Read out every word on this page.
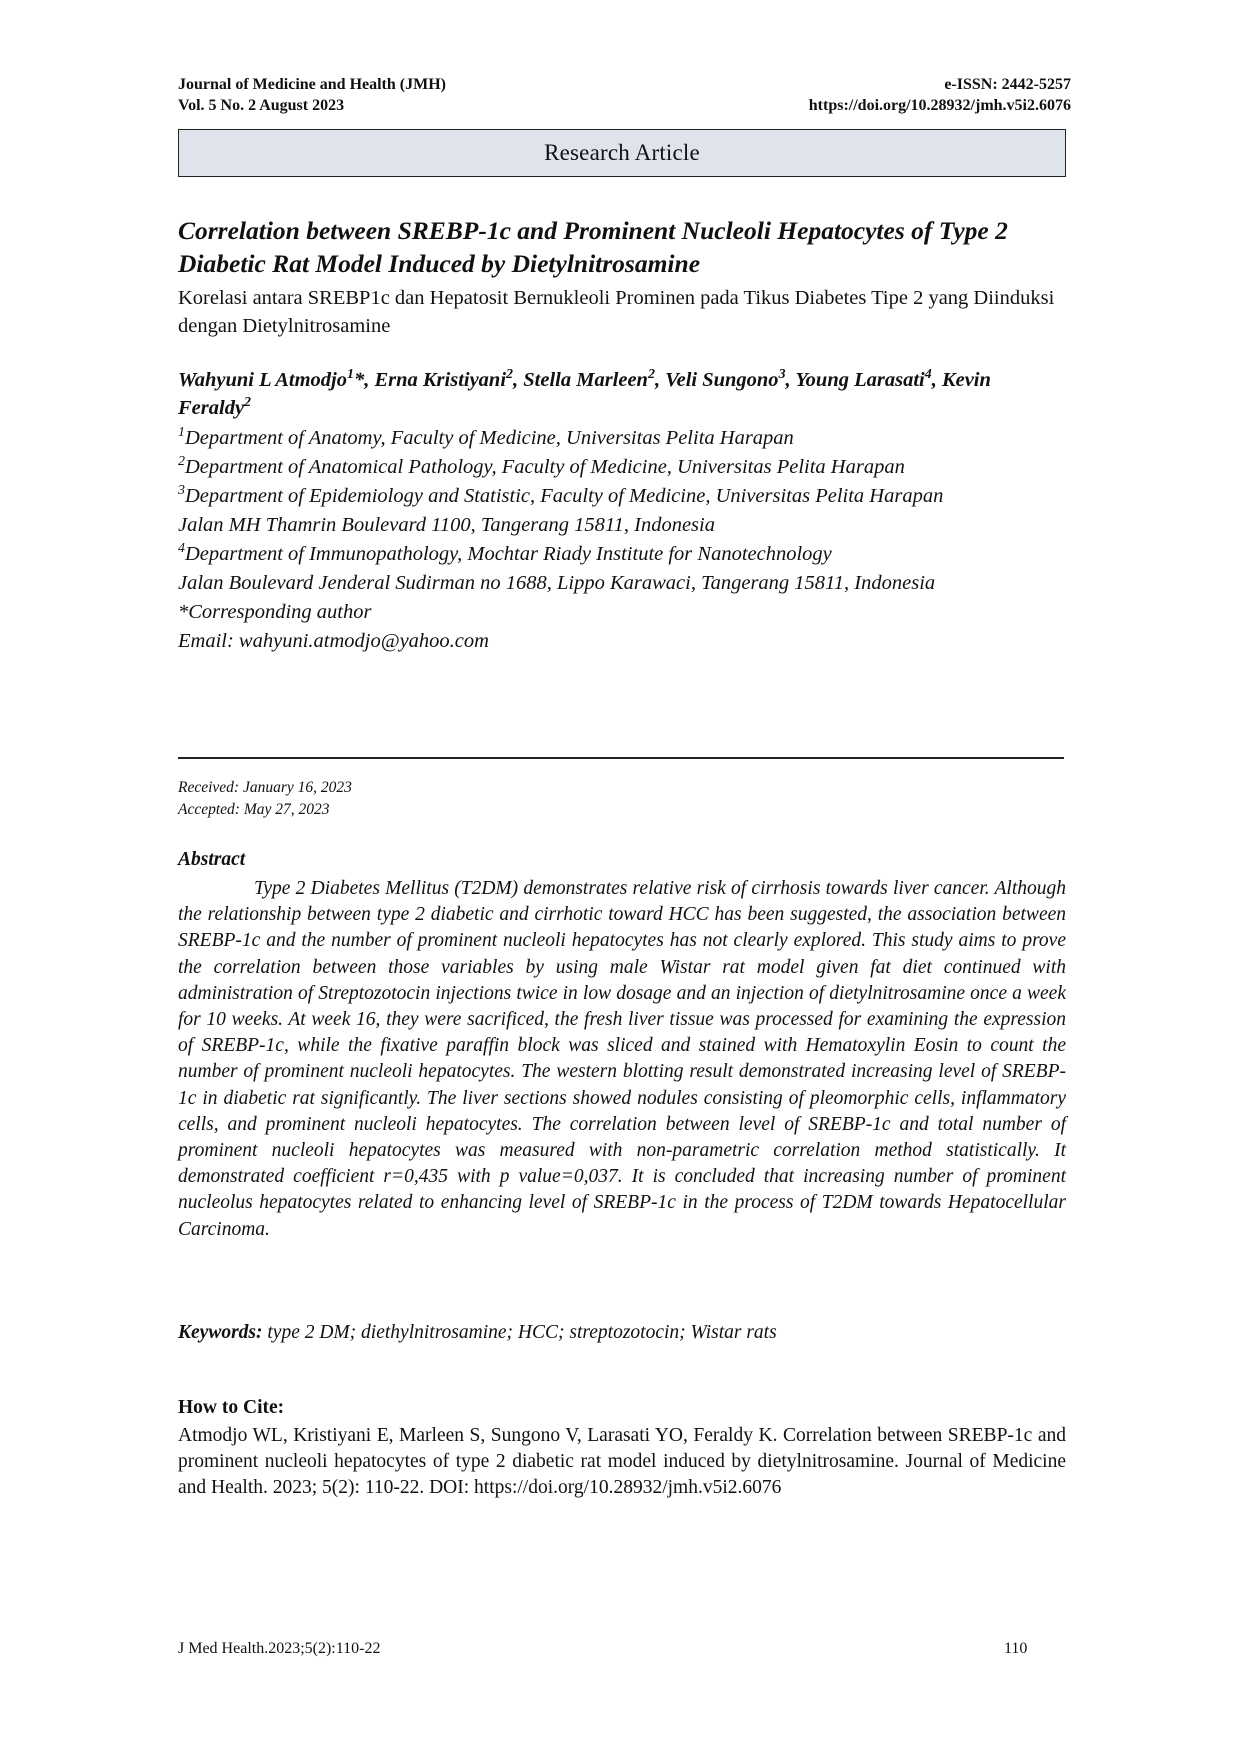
Journal of Medicine and Health (JMH)
Vol. 5 No. 2 August 2023
e-ISSN: 2442-5257
https://doi.org/10.28932/jmh.v5i2.6076
Research Article
Correlation between SREBP-1c and Prominent Nucleoli Hepatocytes of Type 2 Diabetic Rat Model Induced by Dietylnitrosamine
Korelasi antara SREBP1c dan Hepatosit Bernukleoli Prominen pada Tikus Diabetes Tipe 2 yang Diinduksi dengan Dietylnitrosamine
Wahyuni L Atmodjo$^1$*, Erna Kristiyani$^2$, Stella Marleen$^2$, Veli Sungono$^3$, Young Larasati$^4$, Kevin Feraldy$^2$
$^1$Department of Anatomy, Faculty of Medicine, Universitas Pelita Harapan
$^2$Department of Anatomical Pathology, Faculty of Medicine, Universitas Pelita Harapan
$^3$Department of Epidemiology and Statistic, Faculty of Medicine, Universitas Pelita Harapan
Jalan MH Thamrin Boulevard 1100, Tangerang 15811, Indonesia
$^4$Department of Immunopathology, Mochtar Riady Institute for Nanotechnology
Jalan Boulevard Jenderal Sudirman no 1688, Lippo Karawaci, Tangerang 15811, Indonesia
*Corresponding author
Email: wahyuni.atmodjo@yahoo.com
Received: January 16, 2023
Accepted: May 27, 2023
Abstract
Type 2 Diabetes Mellitus (T2DM) demonstrates relative risk of cirrhosis towards liver cancer. Although the relationship between type 2 diabetic and cirrhotic toward HCC has been suggested, the association between SREBP-1c and the number of prominent nucleoli hepatocytes has not clearly explored. This study aims to prove the correlation between those variables by using male Wistar rat model given fat diet continued with administration of Streptozotocin injections twice in low dosage and an injection of dietylnitrosamine once a week for 10 weeks. At week 16, they were sacrificed, the fresh liver tissue was processed for examining the expression of SREBP-1c, while the fixative paraffin block was sliced and stained with Hematoxylin Eosin to count the number of prominent nucleoli hepatocytes. The western blotting result demonstrated increasing level of SREBP-1c in diabetic rat significantly. The liver sections showed nodules consisting of pleomorphic cells, inflammatory cells, and prominent nucleoli hepatocytes. The correlation between level of SREBP-1c and total number of prominent nucleoli hepatocytes was measured with non-parametric correlation method statistically. It demonstrated coefficient r=0,435 with p value=0,037. It is concluded that increasing number of prominent nucleolus hepatocytes related to enhancing level of SREBP-1c in the process of T2DM towards Hepatocellular Carcinoma.
Keywords: type 2 DM; diethylnitrosamine; HCC; streptozotocin; Wistar rats
How to Cite:
Atmodjo WL, Kristiyani E, Marleen S, Sungono V, Larasati YO, Feraldy K. Correlation between SREBP-1c and prominent nucleoli hepatocytes of type 2 diabetic rat model induced by dietylnitrosamine. Journal of Medicine and Health. 2023; 5(2): 110-22. DOI: https://doi.org/10.28932/jmh.v5i2.6076
J Med Health.2023;5(2):110-22	110
